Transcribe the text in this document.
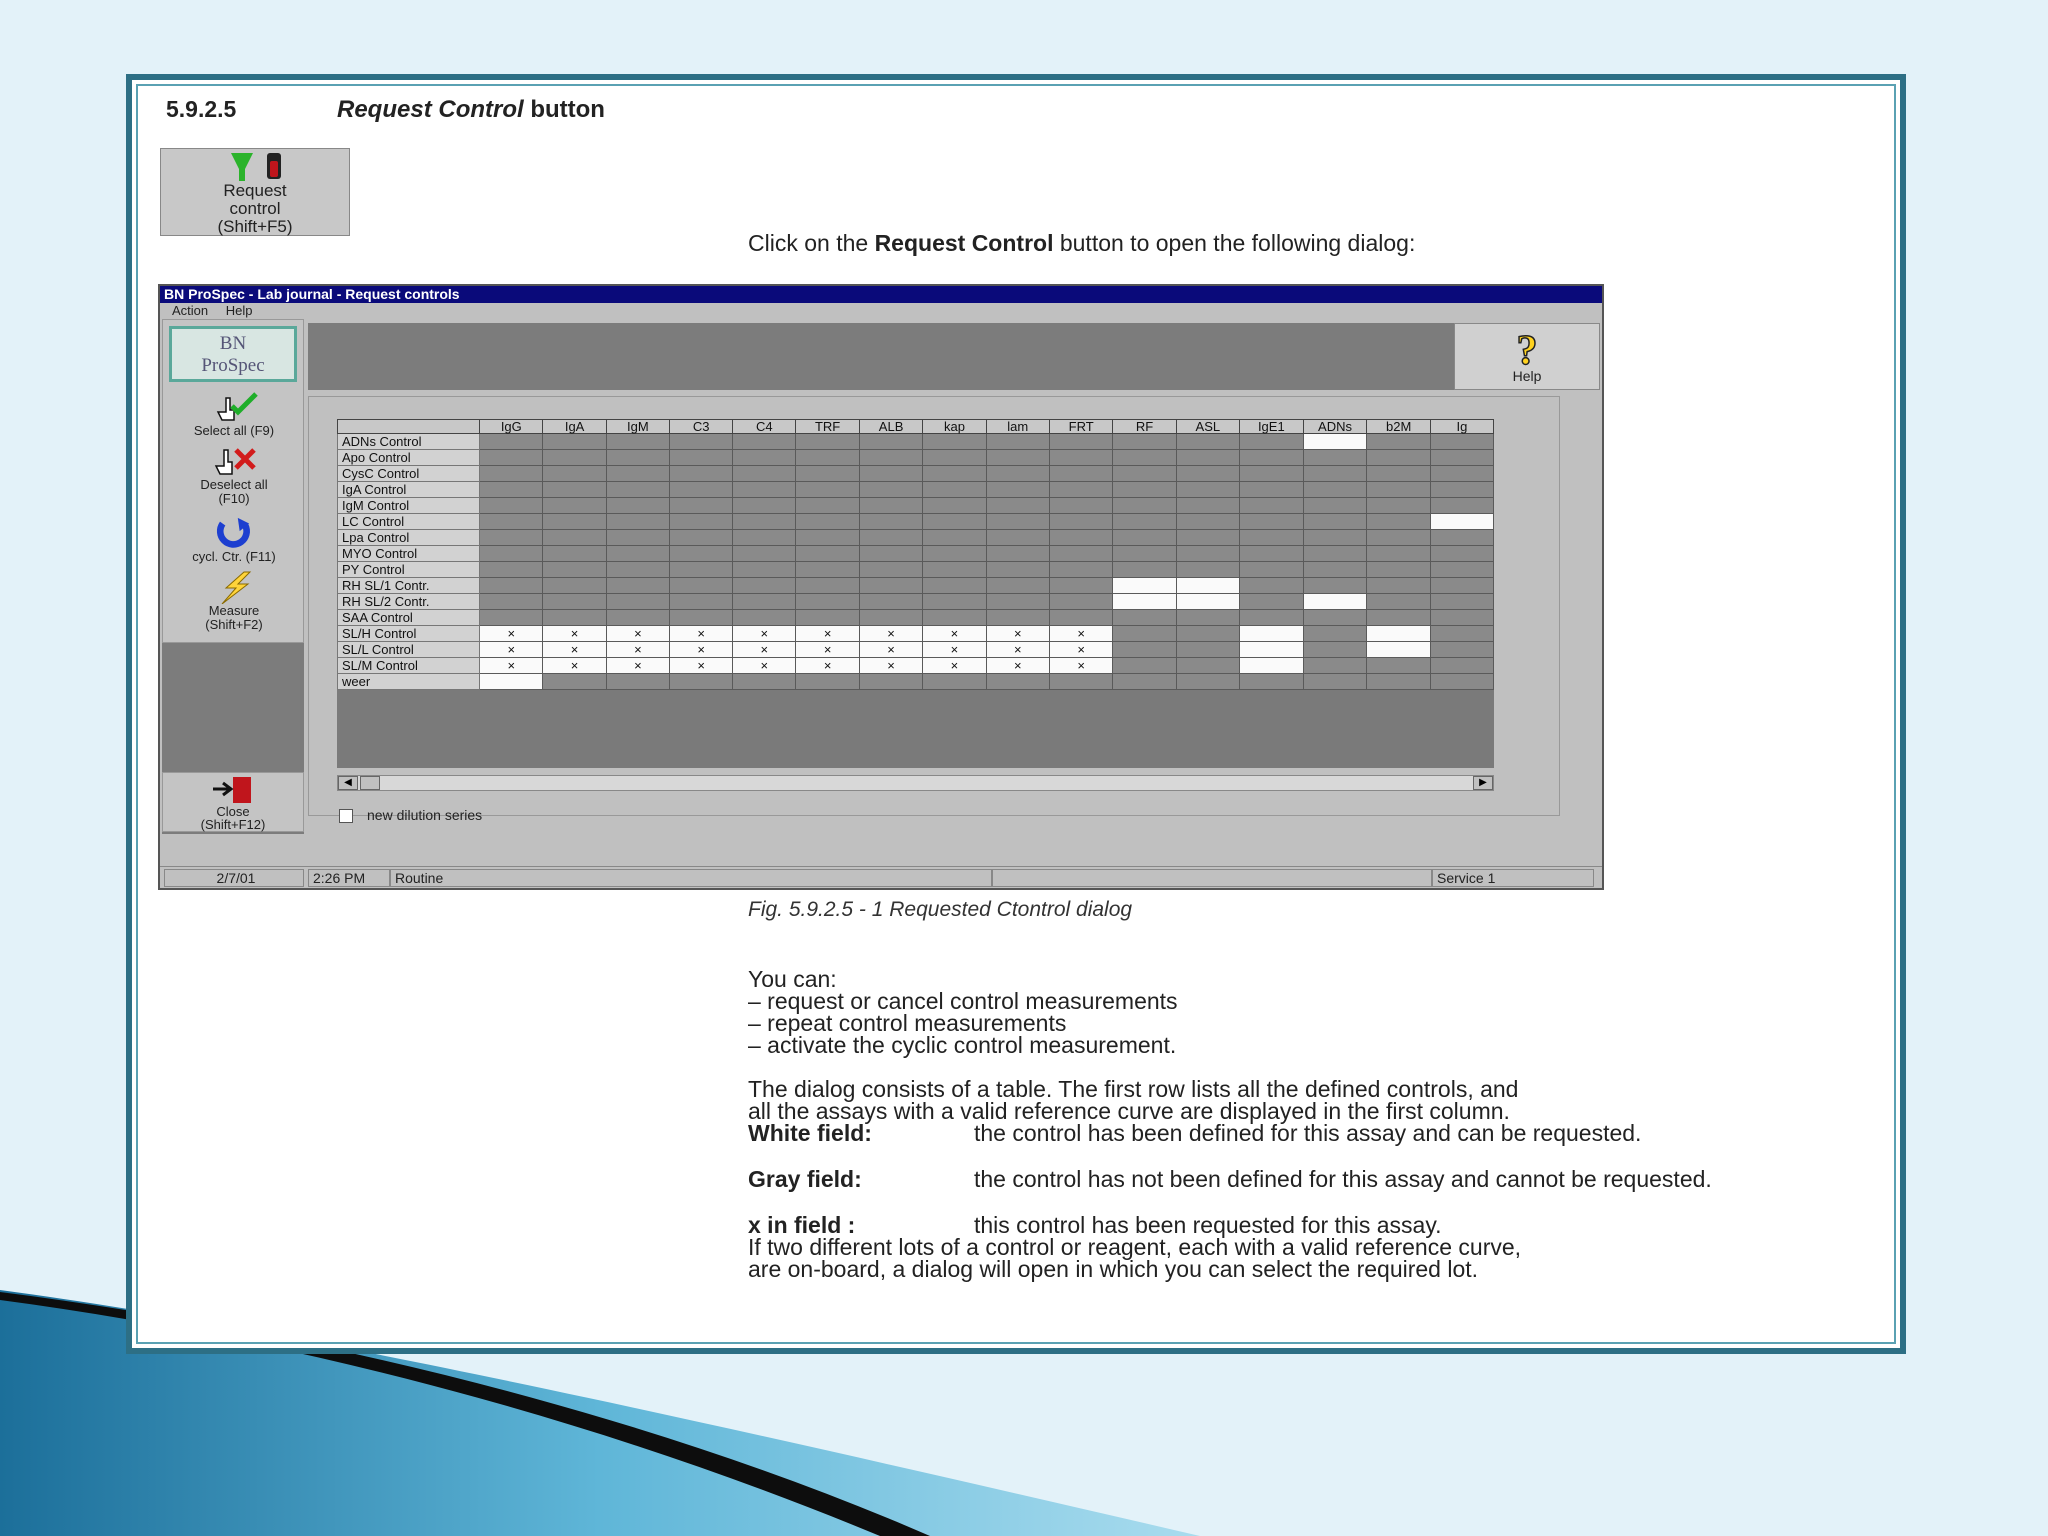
5.9.2.5	Request Control button
Request
control
(Shift+F5)
Click on the Request Control button to open the following dialog:
BN ProSpec - Lab journal - Request controls
Action Help
BN
ProSpec
Select all (F9)
Deselect all
(F10)
cycl. Ctr. (F11)
Measure
(Shift+F2)
Close
(Shift+F12)
?
Help
	IgG	IgA	IgM	C3	C4	TRF	ALB	kap	lam	FRT	RF	ASL	IgE1	ADNs	b2M	Ig
ADNs Control																
Apo Control																
CysC Control																
IgA Control																
IgM Control																
LC Control																
Lpa Control																
MYO Control																
PY Control																
RH SL/1 Contr.																
RH SL/2 Contr.																
SAA Control																
SL/H Control	×	×	×	×	×	×	×	×	×	×						
SL/L Control	×	×	×	×	×	×	×	×	×	×						
SL/M Control	×	×	×	×	×	×	×	×	×	×						
weer																
◀	▶
new dilution series
2/7/01	2:26 PM	Routine	Service 1
Fig. 5.9.2.5 - 1 Requested Ctontrol dialog
You can:
– request or cancel control measurements
– repeat control measurements
– activate the cyclic control measurement.
The dialog consists of a table. The first row lists all the defined controls, and
all the assays with a valid reference curve are displayed in the first column.
White field:	the control has been defined for this assay and can be requested.
Gray field:	the control has not been defined for this assay and cannot be requested.
x in field :	this control has been requested for this assay.
If two different lots of a control or reagent, each with a valid reference curve,
are on-board, a dialog will open in which you can select the required lot.
